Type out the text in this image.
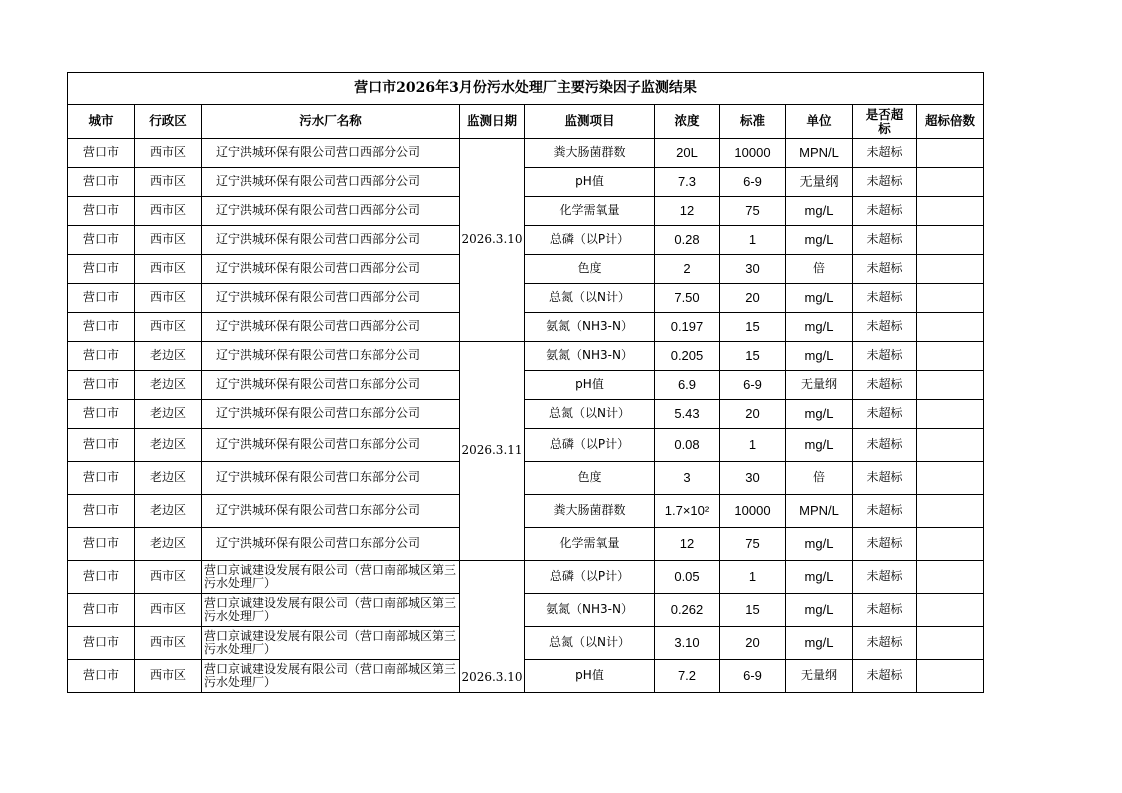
营口市2026年3月份污水处理厂主要污染因子监测结果									
城市	行政区	污水厂名称	监测日期	监测项目	浓度	标准	单位	是否超标	超标倍数
营口市	西市区	辽宁洪城环保有限公司营口西部分公司	2026.3.10	粪大肠菌群数	20L	10000	MPN/L	未超标	
营口市	西市区	辽宁洪城环保有限公司营口西部分公司		pH值	7.3	6-9	无量纲	未超标	
营口市	西市区	辽宁洪城环保有限公司营口西部分公司		化学需氧量	12	75	mg/L	未超标	
营口市	西市区	辽宁洪城环保有限公司营口西部分公司		总磷（以P计）	0.28	1	mg/L	未超标	
营口市	西市区	辽宁洪城环保有限公司营口西部分公司		色度	2	30	倍	未超标	
营口市	西市区	辽宁洪城环保有限公司营口西部分公司		总氮（以N计）	7.50	20	mg/L	未超标	
营口市	西市区	辽宁洪城环保有限公司营口西部分公司		氨氮（NH3-N）	0.197	15	mg/L	未超标	
营口市	老边区	辽宁洪城环保有限公司营口东部分公司	2026.3.11	氨氮（NH3-N）	0.205	15	mg/L	未超标	
营口市	老边区	辽宁洪城环保有限公司营口东部分公司		pH值	6.9	6-9	无量纲	未超标	
营口市	老边区	辽宁洪城环保有限公司营口东部分公司		总氮（以N计）	5.43	20	mg/L	未超标	
营口市	老边区	辽宁洪城环保有限公司营口东部分公司		总磷（以P计）	0.08	1	mg/L	未超标	
营口市	老边区	辽宁洪城环保有限公司营口东部分公司		色度	3	30	倍	未超标	
营口市	老边区	辽宁洪城环保有限公司营口东部分公司		粪大肠菌群数	1.7×10²	10000	MPN/L	未超标	
营口市	老边区	辽宁洪城环保有限公司营口东部分公司		化学需氧量	12	75	mg/L	未超标	
营口市	西市区	营口京诚建设发展有限公司（营口南部城区第三污水处理厂）	2026.3.10	总磷（以P计）	0.05	1	mg/L	未超标	
营口市	西市区	营口京诚建设发展有限公司（营口南部城区第三污水处理厂）		氨氮（NH3-N）	0.262	15	mg/L	未超标	
营口市	西市区	营口京诚建设发展有限公司（营口南部城区第三污水处理厂）		总氮（以N计）	3.10	20	mg/L	未超标	
营口市	西市区	营口京诚建设发展有限公司（营口南部城区第三污水处理厂）		pH值	7.2	6-9	无量纲	未超标	
